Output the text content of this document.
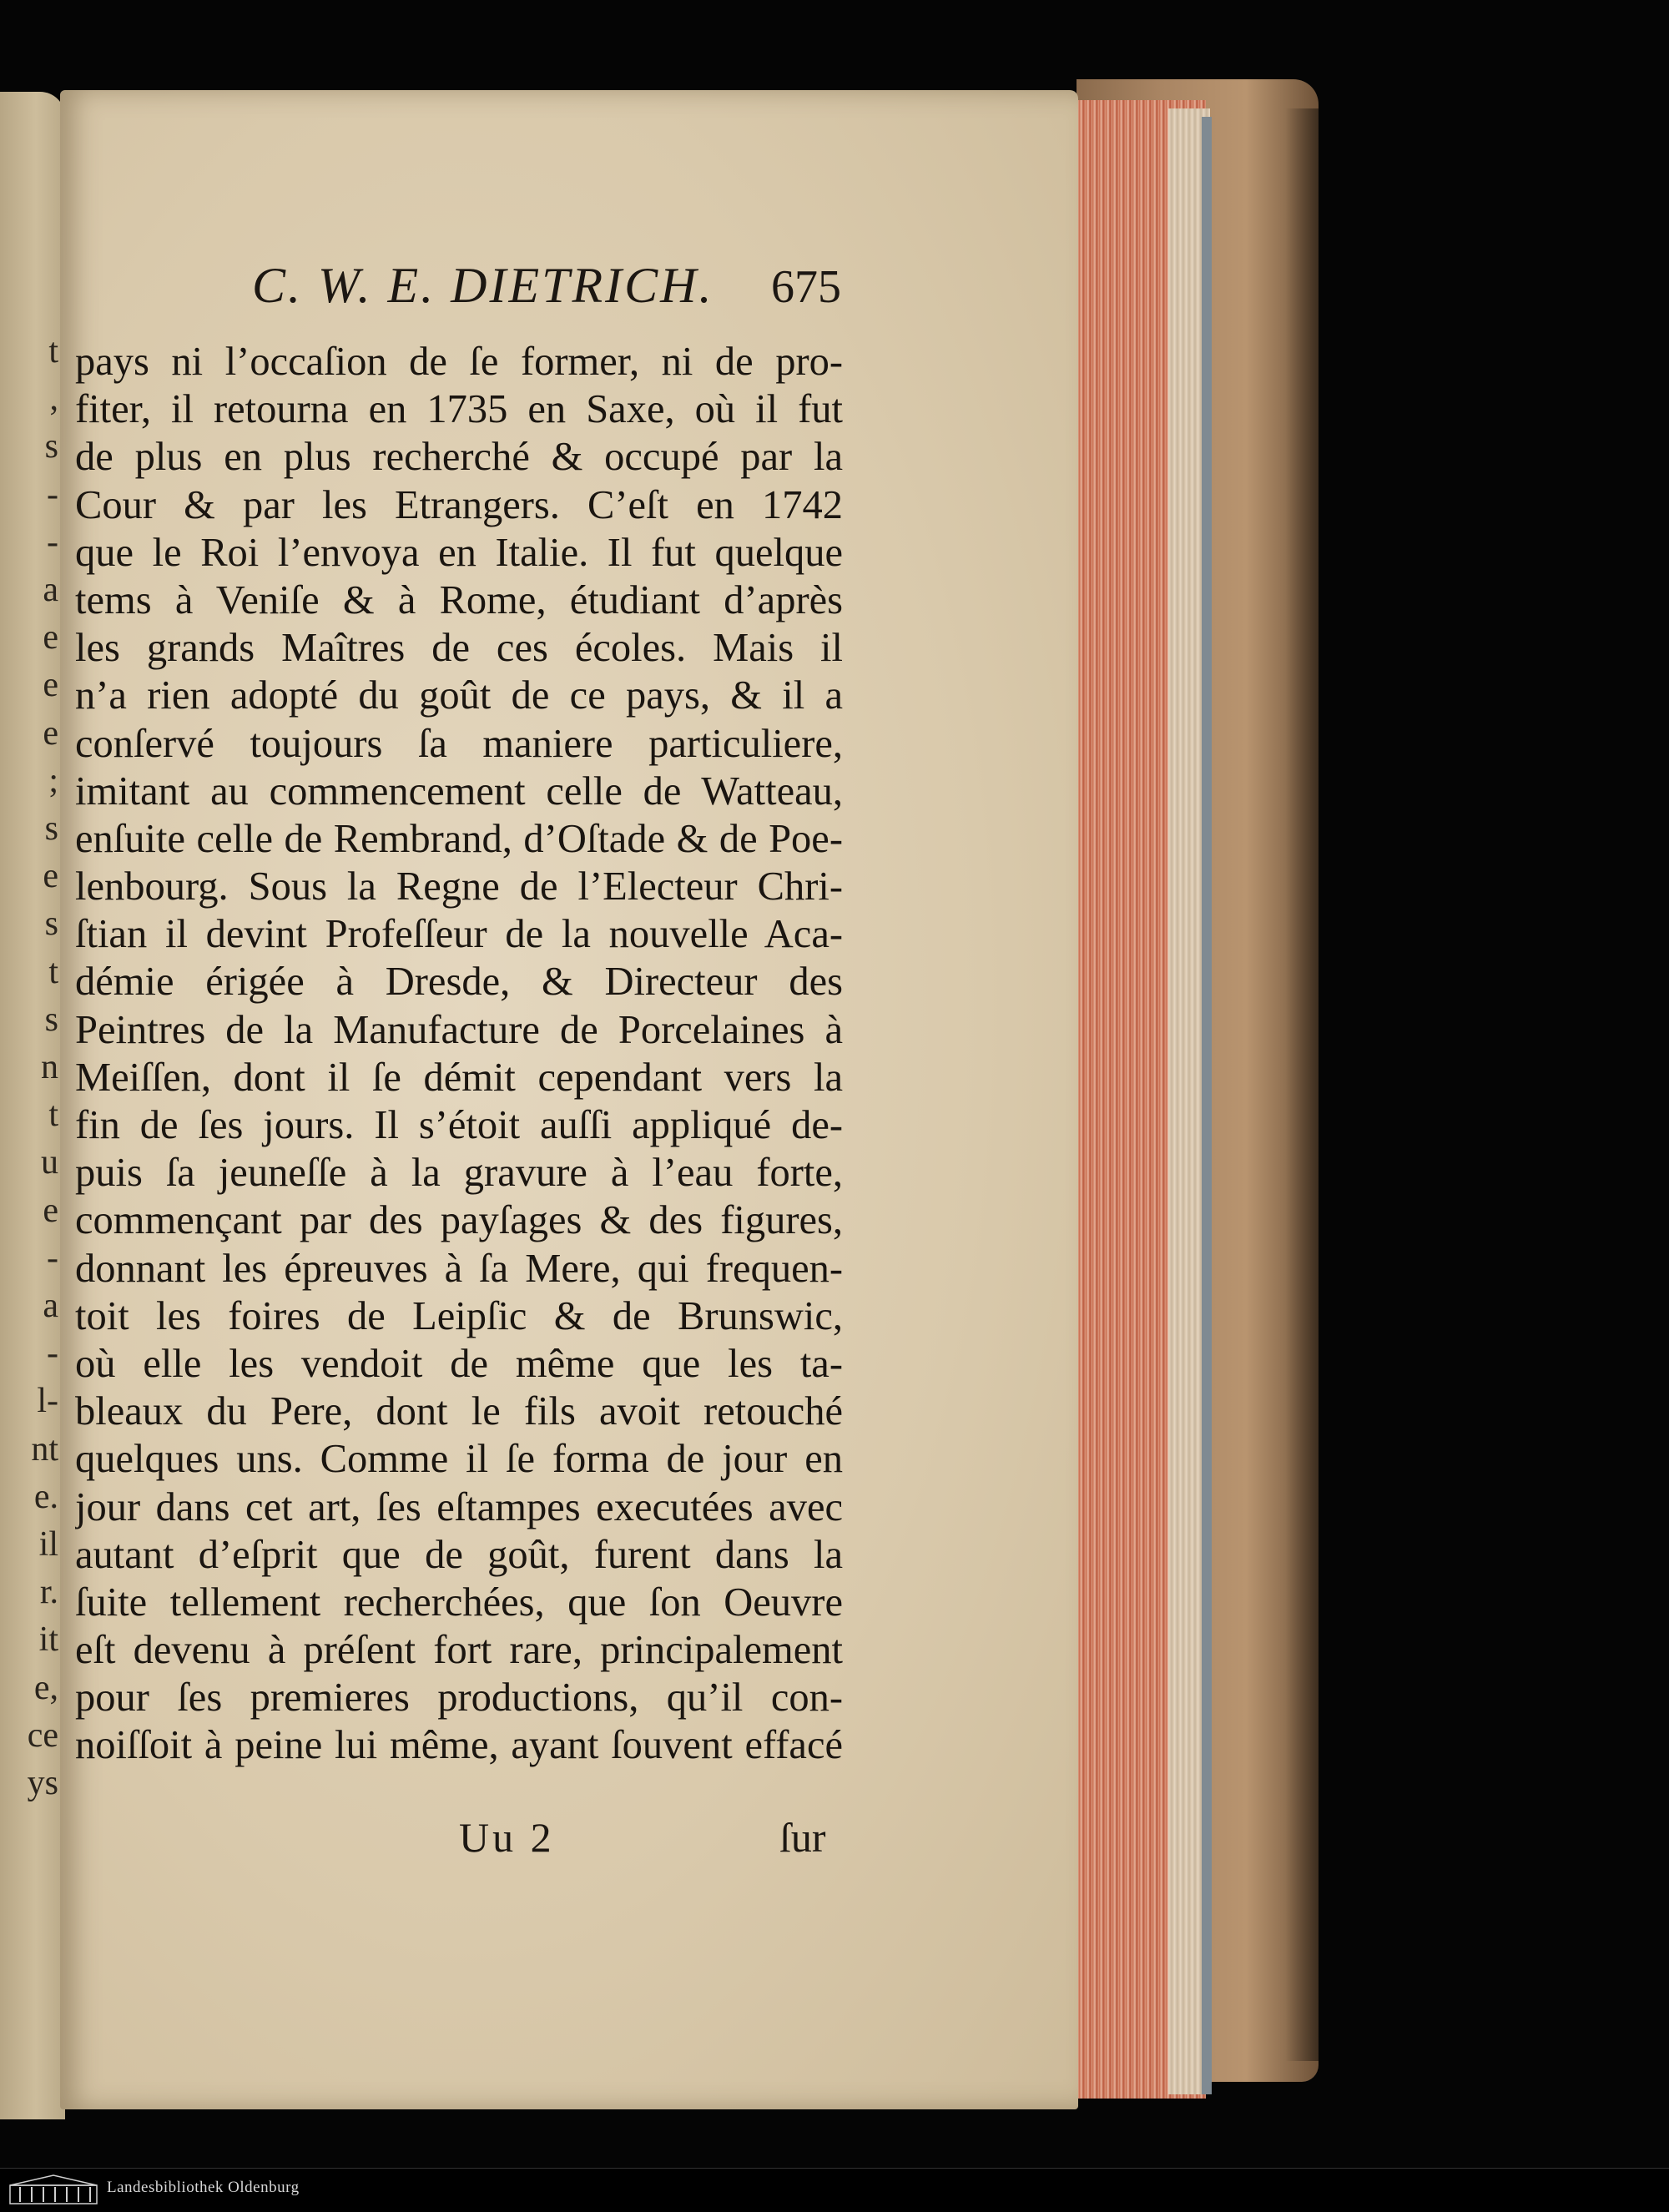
t
,
s
-
-
a
e
e
e
;
s
e
s
t
s
n
t
u
e
-
a
-
l-
nt
e.
il
r.
it
e,
ce
ys
C. W. E. DIETRICH. 675
pays ni l’occaſion de ſe former, ni de pro-
fiter, il retourna en 1735 en Saxe, où il fut
de plus en plus recherché & occupé par la
Cour & par les Etrangers. C’eſt en 1742
que le Roi l’envoya en Italie. Il fut quelque
tems à Veniſe & à Rome, étudiant d’après
les grands Maîtres de ces écoles. Mais il
n’a rien adopté du goût de ce pays, & il a
conſervé toujours ſa maniere particuliere,
imitant au commencement celle de Watteau,
enſuite celle de Rembrand, d’Oſtade & de Poe-
lenbourg. Sous la Regne de l’Electeur Chri-
ſtian il devint Profeſſeur de la nouvelle Aca-
démie érigée à Dresde, & Directeur des
Peintres de la Manufacture de Porcelaines à
Meiſſen, dont il ſe démit cependant vers la
fin de ſes jours. Il s’étoit auſſi appliqué de-
puis ſa jeuneſſe à la gravure à l’eau forte,
commençant par des payſages & des figures,
donnant les épreuves à ſa Mere, qui frequen-
toit les foires de Leipſic & de Brunswic,
où elle les vendoit de même que les ta-
bleaux du Pere, dont le fils avoit retouché
quelques uns. Comme il ſe forma de jour en
jour dans cet art, ſes eſtampes executées avec
autant d’eſprit que de goût, furent dans la
ſuite tellement recherchées, que ſon Oeuvre
eſt devenu à préſent fort rare, principalement
pour ſes premieres productions, qu’il con-
noiſſoit à peine lui même, ayant ſouvent effacé
Uu 2	ſur
Landesbibliothek Oldenburg
